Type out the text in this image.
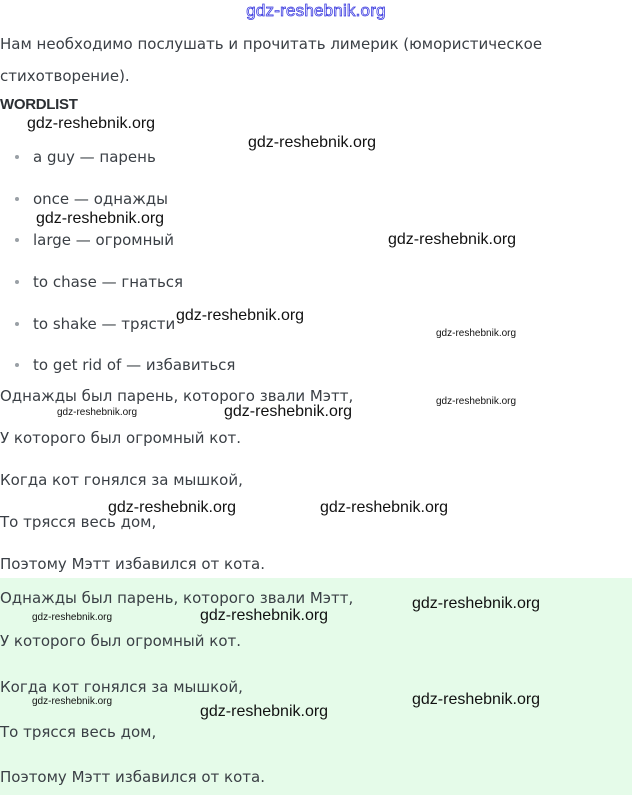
gdz-reshebnik.org
Нам необходимо послушать и прочитать лимерик (юмористическое стихотворение).
WORDLIST
a guy — парень
once — однажды
large — огромный
to chase — гнаться
to shake — трясти
to get rid of — избавиться
Однажды был парень, которого звали Мэтт,
У которого был огромный кот.
Когда кот гонялся за мышкой,
То трясся весь дом,
Поэтому Мэтт избавился от кота.
Однажды был парень, которого звали Мэтт,
У которого был огромный кот.
Когда кот гонялся за мышкой,
То трясся весь дом,
Поэтому Мэтт избавился от кота.
gdz-reshebnik.org
gdz-reshebnik.org
gdz-reshebnik.org
gdz-reshebnik.org
gdz-reshebnik.org
gdz-reshebnik.org
gdz-reshebnik.org
gdz-reshebnik.org	gdz-reshebnik.org
gdz-reshebnik.org	gdz-reshebnik.org
gdz-reshebnik.org
gdz-reshebnik.org	gdz-reshebnik.org
gdz-reshebnik.org
gdz-reshebnik.org
gdz-reshebnik.org
